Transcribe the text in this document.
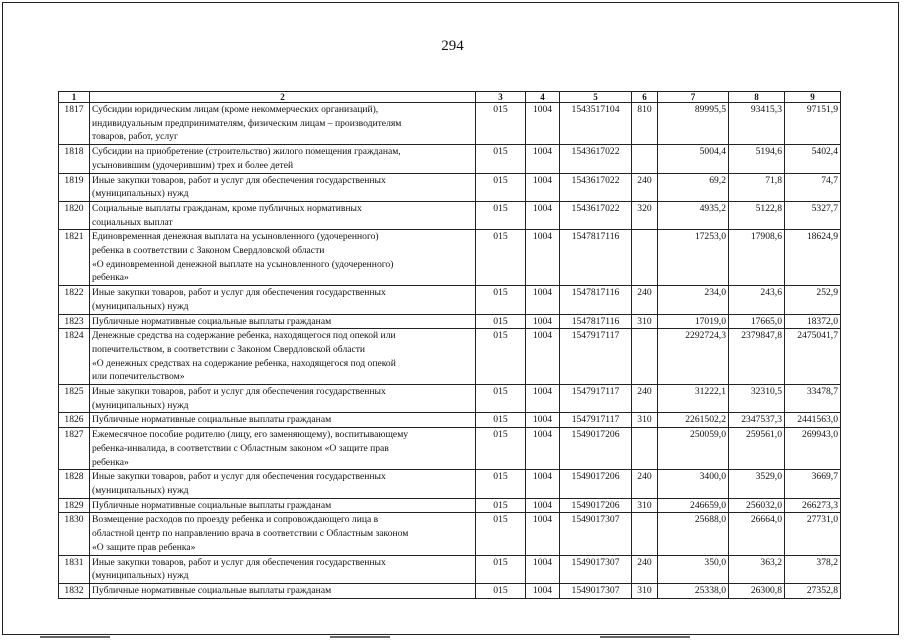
294
1	2	3	4	5	6	7	8	9
1817	Субсидии юридическим лицам (кроме некоммерческих организаций),
индивидуальным предпринимателям, физическим лицам – производителям
товаров, работ, услуг	015	1004	1543517104	810	89995,5	93415,3	97151,9
1818	Субсидии на приобретение (строительство) жилого помещения гражданам,
усыновившим (удочерившим) трех и более детей	015	1004	1543617022		5004,4	5194,6	5402,4
1819	Иные закупки товаров, работ и услуг для обеспечения государственных
(муниципальных) нужд	015	1004	1543617022	240	69,2	71,8	74,7
1820	Социальные выплаты гражданам, кроме публичных нормативных
социальных выплат	015	1004	1543617022	320	4935,2	5122,8	5327,7
1821	Единовременная денежная выплата на усыновленного (удочеренного)
ребенка в соответствии с Законом Свердловской области
«О единовременной денежной выплате на усыновленного (удочеренного)
ребенка»	015	1004	1547817116		17253,0	17908,6	18624,9
1822	Иные закупки товаров, работ и услуг для обеспечения государственных
(муниципальных) нужд	015	1004	1547817116	240	234,0	243,6	252,9
1823	Публичные нормативные социальные выплаты гражданам	015	1004	1547817116	310	17019,0	17665,0	18372,0
1824	Денежные средства на содержание ребенка, находящегося под опекой или
попечительством, в соответствии с Законом Свердловской области
«О денежных средствах на содержание ребенка, находящегося под опекой
или попечительством»	015	1004	1547917117		2292724,3	2379847,8	2475041,7
1825	Иные закупки товаров, работ и услуг для обеспечения государственных
(муниципальных) нужд	015	1004	1547917117	240	31222,1	32310,5	33478,7
1826	Публичные нормативные социальные выплаты гражданам	015	1004	1547917117	310	2261502,2	2347537,3	2441563,0
1827	Ежемесячное пособие родителю (лицу, его заменяющему), воспитывающему
ребенка-инвалида, в соответствии с Областным законом «О защите прав
ребенка»	015	1004	1549017206		250059,0	259561,0	269943,0
1828	Иные закупки товаров, работ и услуг для обеспечения государственных
(муниципальных) нужд	015	1004	1549017206	240	3400,0	3529,0	3669,7
1829	Публичные нормативные социальные выплаты гражданам	015	1004	1549017206	310	246659,0	256032,0	266273,3
1830	Возмещение расходов по проезду ребенка и сопровождающего лица в
областной центр по направлению врача в соответствии с Областным законом
«О защите прав ребенка»	015	1004	1549017307		25688,0	26664,0	27731,0
1831	Иные закупки товаров, работ и услуг для обеспечения государственных
(муниципальных) нужд	015	1004	1549017307	240	350,0	363,2	378,2
1832	Публичные нормативные социальные выплаты гражданам	015	1004	1549017307	310	25338,0	26300,8	27352,8
